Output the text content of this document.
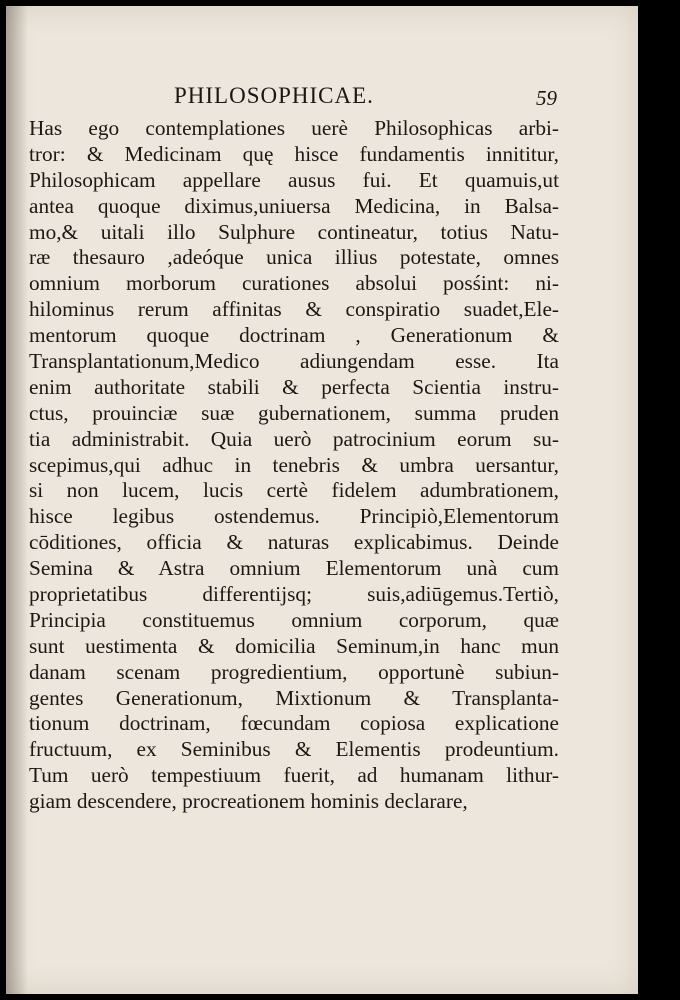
PHILOSOPHICAE.	59
Has ego contemplationes uerè Philosophicas arbi-
tror: & Medicinam quę hisce fundamentis innititur,
Philosophicam appellare ausus fui. Et quamuis,ut
antea quoque diximus,uniuersa Medicina, in Balsa-
mo,& uitali illo Sulphure contineatur, totius Natu-
ræ thesauro ,adeóque unica illius potestate, omnes
omnium morborum curationes absolui posśint: ni-
hilominus rerum affinitas & conspiratio suadet,Ele-
mentorum quoque doctrinam , Generationum &
Transplantationum,Medico adiungendam esse. Ita
enim authoritate stabili & perfecta Scientia instru-
ctus, prouinciæ suæ gubernationem, summa pruden
tia administrabit. Quia uerò patrocinium eorum su-
scepimus,qui adhuc in tenebris & umbra uersantur,
si non lucem, lucis certè fidelem adumbrationem,
hisce legibus ostendemus. Principiò,Elementorum
cōditiones, officia & naturas explicabimus. Deinde
Semina & Astra omnium Elementorum unà cum
proprietatibus differentijsq; suis,adiūgemus.Tertiò,
Principia constituemus omnium corporum, quæ
sunt uestimenta & domicilia Seminum,in hanc mun
danam scenam progredientium, opportunè subiun-
gentes Generationum, Mixtionum & Transplanta-
tionum doctrinam, fœcundam copiosa explicatione
fructuum, ex Seminibus & Elementis prodeuntium.
Tum uerò tempestiuum fuerit, ad humanam lithur-
giam descendere, procreationem hominis declarare,
